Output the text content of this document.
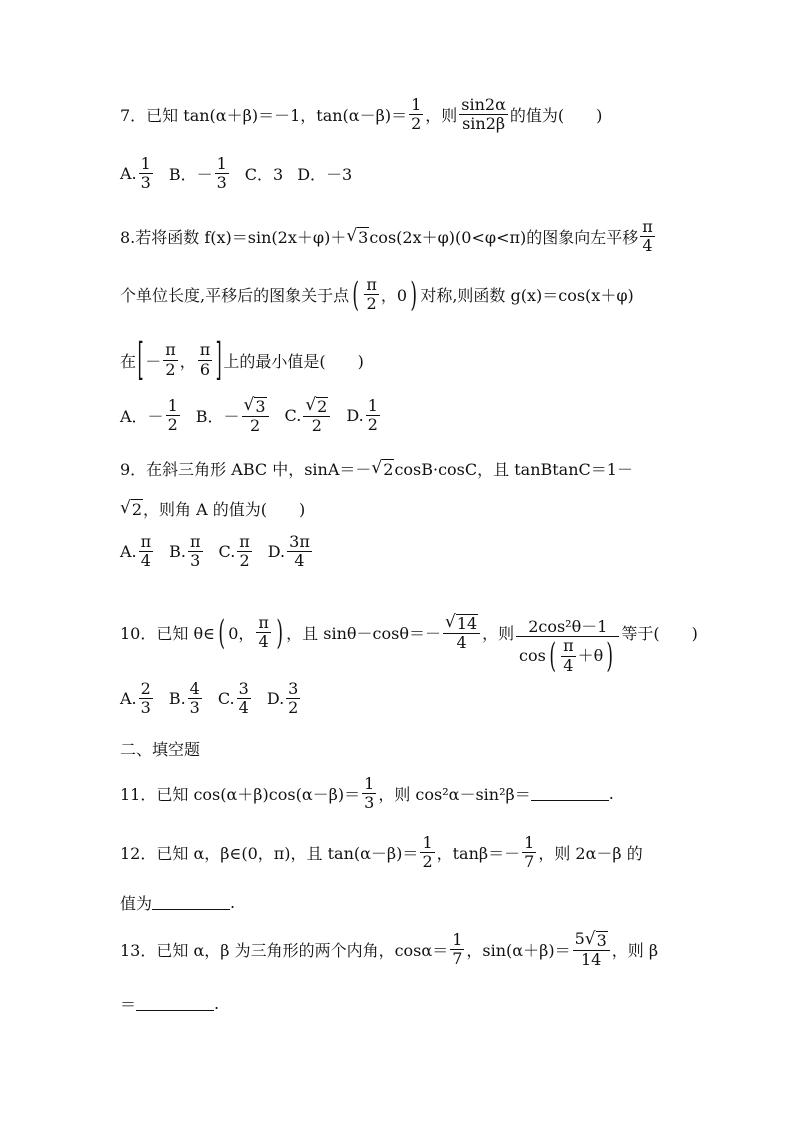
7．已知 tan(α＋β)＝－1，$\tan(\alpha-\beta)= \frac{1}{2}$ ，则 $\frac{\sin 2\alpha}{\sin 2\beta}$ 的值为(　　)
A. $\frac{1}{3}$ B．－ $\frac{1}{3}$ C．3 D．－3
8.若将函数 f(x)＝sin(2x＋φ)＋ √ 3 cos(2x＋φ)(0<φ<π)的图象向左平移 $\frac{\pi}{4}$
个单位长度,平移后的图象关于点 ( $\frac{\pi}{2}$ ，0 ) 对称,则函数 g(x)＝cos(x＋φ)
在 [ － $\frac{\pi}{2}$ ， $\frac{\pi}{6}$ ] 上的最小值是(　　)
A．－ $\frac{1}{2}$ B．－ $\frac{√ 3}{2} C$. $\frac{√ 2}{2} D$. $\frac{1}{2}$
9．在斜三角形 ABC 中，sinA＝－ √ 2 cosB·cosC，且 tanBtanC＝1－
√ 2 ，则角 A 的值为(　　)
A. $\frac{\pi}{4} B$. $\frac{\pi}{3} C$. $\frac{\pi}{2} D$. $\frac{3\pi}{4}$
10．已知 θ∈ ( 0， $\frac{\pi}{4}$ ) ，且 $\sin\theta-\cos\theta=- \frac{√ 14}{4}$ ，则 $\frac{\text{2cos²θ－1}}{\cos ( \frac{\pi}{4} +\theta )}$ 等于(　　)
A. $\frac{2}{3} B$. $\frac{4}{3} C$. $\frac{3}{4} D$. $\frac{3}{2}$
二、填空题
11．已知 $\cos(\alpha+\beta)\cos(\alpha-\beta)= \frac{1}{3}$ ，则 cos²α－sin²β＝	.
12．已知 α，β∈(0，π)，且 $\tan(\alpha-\beta)= \frac{1}{2}$ ，$\tan\beta=- \frac{1}{7}$ ，则 2α－β 的
值为	.
13．已知 α，β 为三角形的两个内角，$\cos\alpha= \frac{1}{7}$ ，$\sin(\alpha+\beta)= \frac{5 √ 3}{14}$ ，则 β
＝	.
